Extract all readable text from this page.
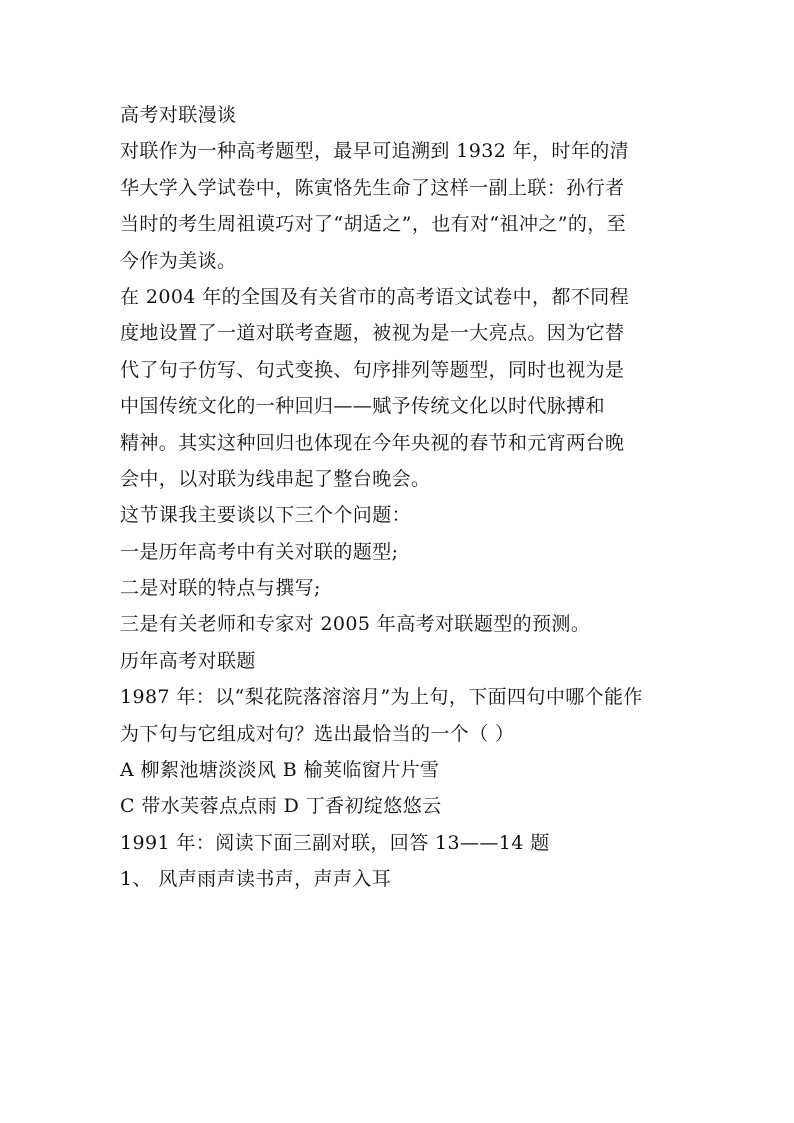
高考对联漫谈
对联作为一种高考题型，最早可追溯到 1932 年，时年的清
华大学入学试卷中，陈寅恪先生命了这样一副上联：孙行者
当时的考生周祖谟巧对了“胡适之”，也有对“祖冲之”的，至
今作为美谈。
在 2004 年的全国及有关省市的高考语文试卷中，都不同程
度地设置了一道对联考查题，被视为是一大亮点。因为它替
代了句子仿写、句式变换、句序排列等题型，同时也视为是
中国传统文化的一种回归——赋予传统文化以时代脉搏和
精神。其实这种回归也体现在今年央视的春节和元宵两台晚
会中，以对联为线串起了整台晚会。
这节课我主要谈以下三个个问题：
一是历年高考中有关对联的题型;
二是对联的特点与撰写;
三是有关老师和专家对 2005 年高考对联题型的预测。
历年高考对联题
1987 年：以“梨花院落溶溶月”为上句，下面四句中哪个能作
为下句与它组成对句？选出最恰当的一个（ ）
A 柳絮池塘淡淡风 B 榆荚临窗片片雪
C 带水芙蓉点点雨 D 丁香初绽悠悠云
1991 年：阅读下面三副对联，回答 13——14 题
1、 风声雨声读书声，声声入耳
